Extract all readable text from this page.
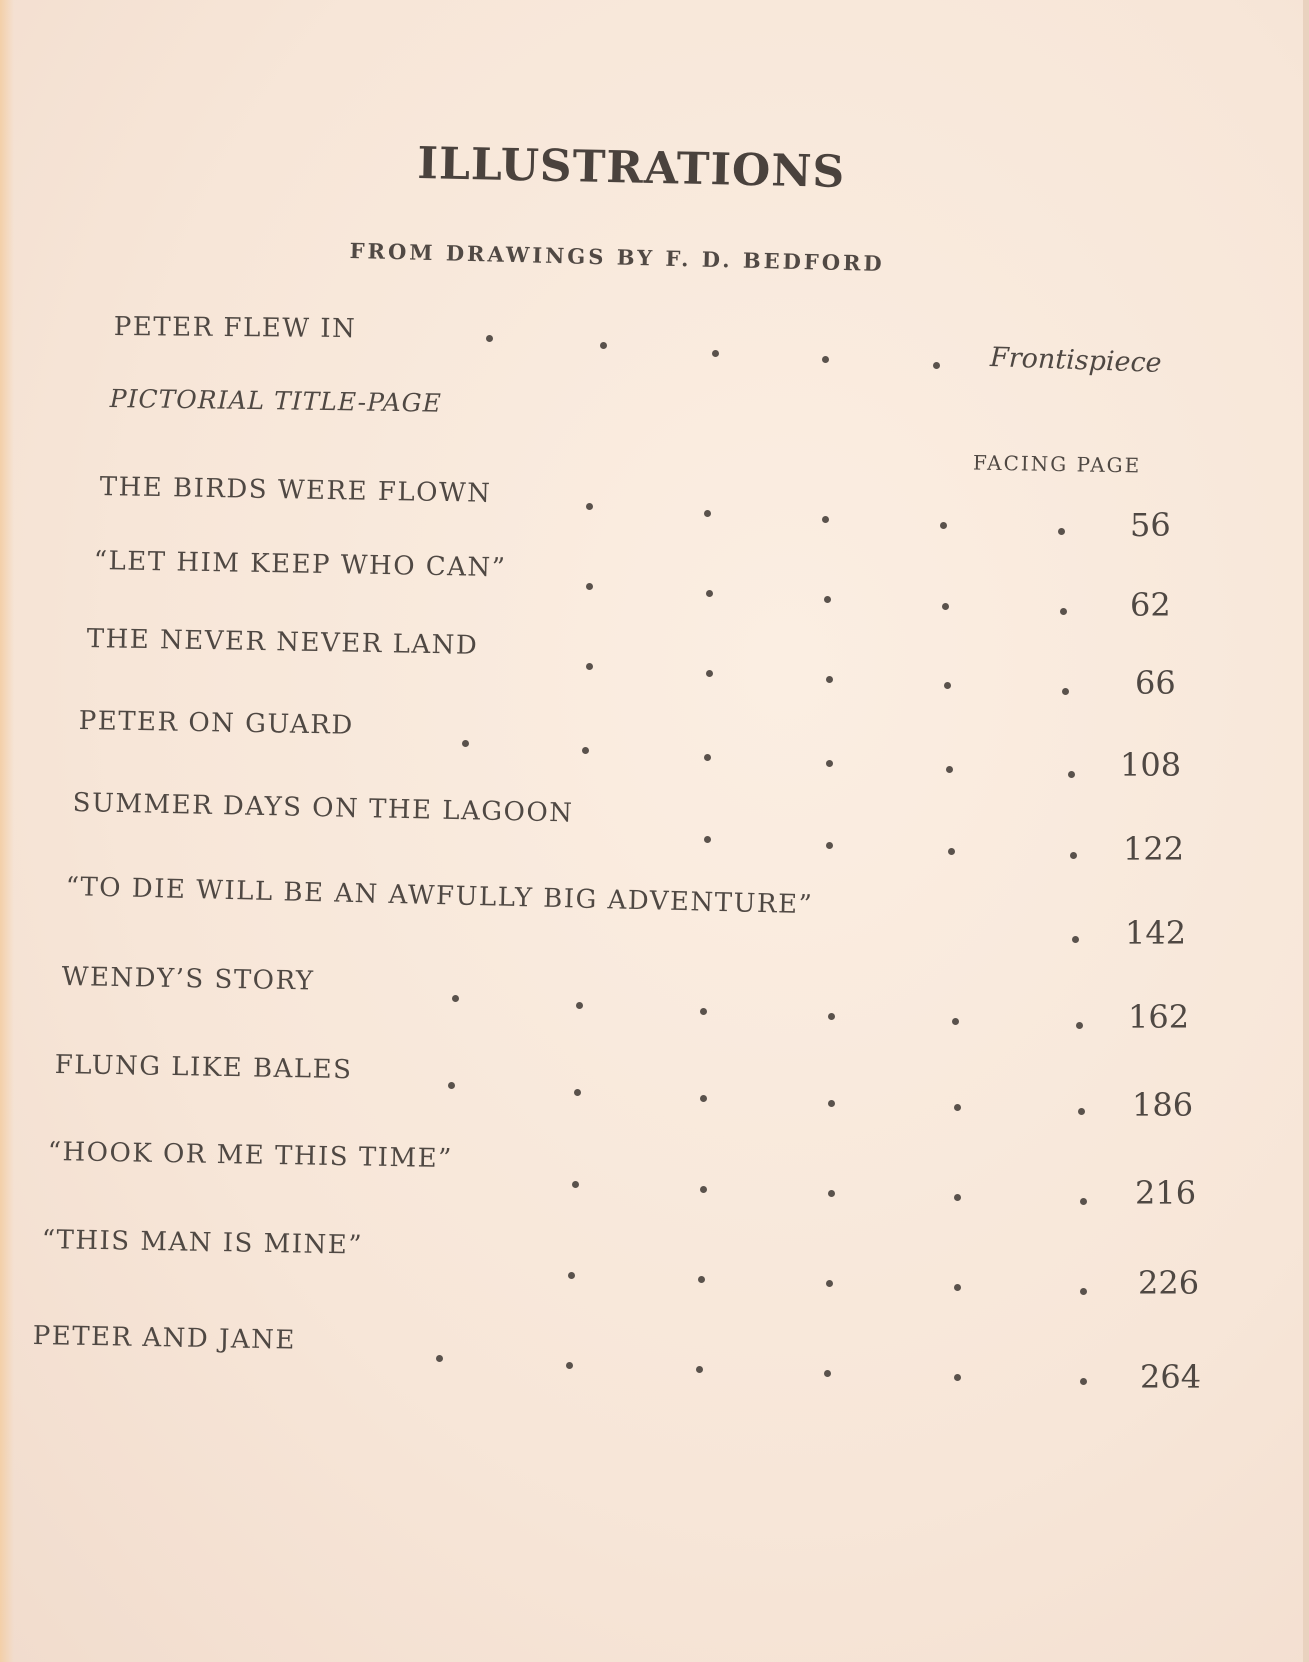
ILLUSTRATIONS
FROM DRAWINGS BY F. D. BEDFORD
FACING PAGE
PETER FLEW IN
Frontispiece
PICTORIAL TITLE-PAGE
THE BIRDS WERE FLOWN
56
“LET HIM KEEP WHO CAN”
62
THE NEVER NEVER LAND
66
PETER ON GUARD
108
SUMMER DAYS ON THE LAGOON
122
“TO DIE WILL BE AN AWFULLY BIG ADVENTURE”
142
WENDY’S STORY
162
FLUNG LIKE BALES
186
“HOOK OR ME THIS TIME”
216
“THIS MAN IS MINE”
226
PETER AND JANE
264
